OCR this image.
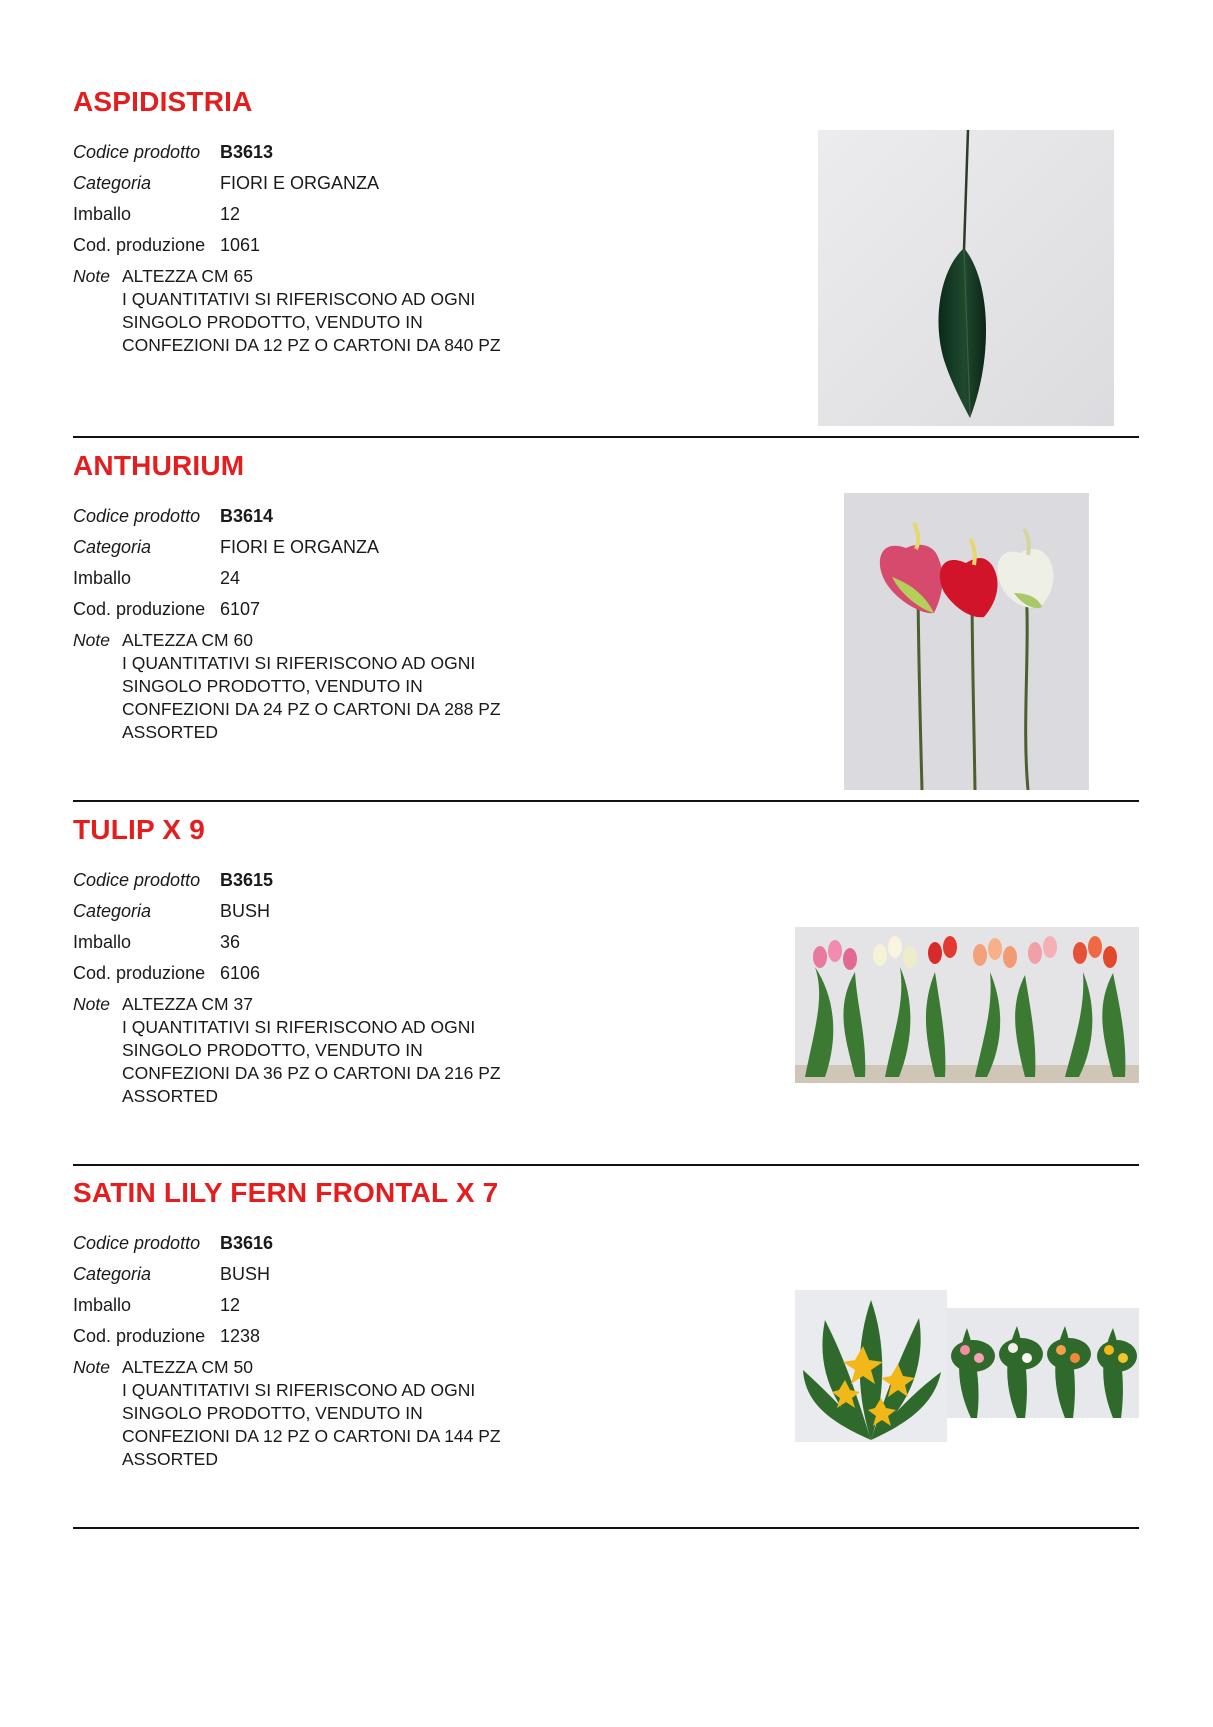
ASPIDISTRIA
Codice prodotto B3613
Categoria	FIORI E ORGANZA
Imballo	12
Cod. produzione 1061
Note ALTEZZA CM 65
I QUANTITATIVI SI RIFERISCONO AD OGNI
SINGOLO PRODOTTO, VENDUTO IN
CONFEZIONI DA 12 PZ O CARTONI DA 840 PZ
ANTHURIUM
Codice prodotto B3614
Categoria	FIORI E ORGANZA
Imballo	24
Cod. produzione 6107
Note ALTEZZA CM 60
I QUANTITATIVI SI RIFERISCONO AD OGNI
SINGOLO PRODOTTO, VENDUTO IN
CONFEZIONI DA 24 PZ O CARTONI DA 288 PZ
ASSORTED
TULIP X 9
Codice prodotto B3615
Categoria	BUSH
Imballo	36
Cod. produzione 6106
Note ALTEZZA CM 37
I QUANTITATIVI SI RIFERISCONO AD OGNI
SINGOLO PRODOTTO, VENDUTO IN
CONFEZIONI DA 36 PZ O CARTONI DA 216 PZ
ASSORTED
SATIN LILY FERN FRONTAL X 7
Codice prodotto B3616
Categoria	BUSH
Imballo	12
Cod. produzione 1238
Note ALTEZZA CM 50
I QUANTITATIVI SI RIFERISCONO AD OGNI
SINGOLO PRODOTTO, VENDUTO IN
CONFEZIONI DA 12 PZ O CARTONI DA 144 PZ
ASSORTED
